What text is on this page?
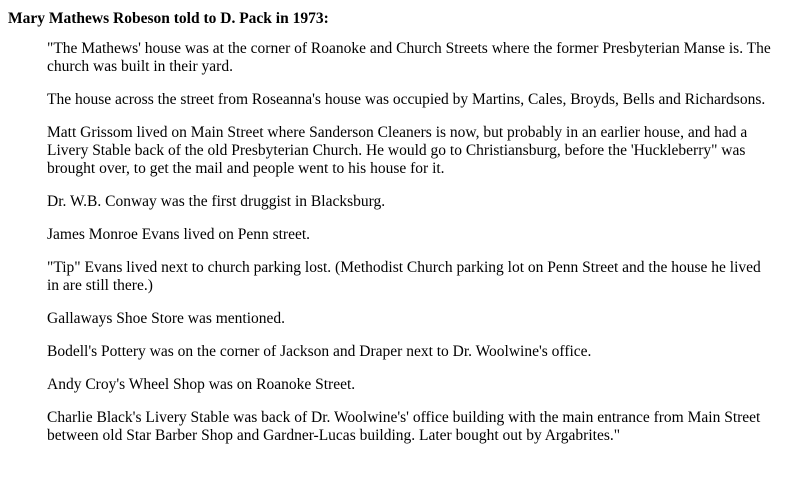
Mary Mathews Robeson told to D. Pack in 1973:

"The Mathews' house was at the corner of Roanoke and Church Streets where the former Presbyterian Manse is. The church was built in their yard.

The house across the street from Roseanna's house was occupied by Martins, Cales, Broyds, Bells and Richardsons.

Matt Grissom lived on Main Street where Sanderson Cleaners is now, but probably in an earlier house, and had a Livery Stable back of the old Presbyterian Church. He would go to Christiansburg, before the 'Huckleberry" was brought over, to get the mail and people went to his house for it.

Dr. W.B. Conway was the first druggist in Blacksburg.

James Monroe Evans lived on Penn street.

"Tip" Evans lived next to church parking lost. (Methodist Church parking lot on Penn Street and the house he lived in are still there.)

Gallaways Shoe Store was mentioned.

Bodell's Pottery was on the corner of Jackson and Draper next to Dr. Woolwine's office.

Andy Croy's Wheel Shop was on Roanoke Street.

Charlie Black's Livery Stable was back of Dr. Woolwine's' office building with the main entrance from Main Street between old Star Barber Shop and Gardner-Lucas building. Later bought out by Argabrites."
